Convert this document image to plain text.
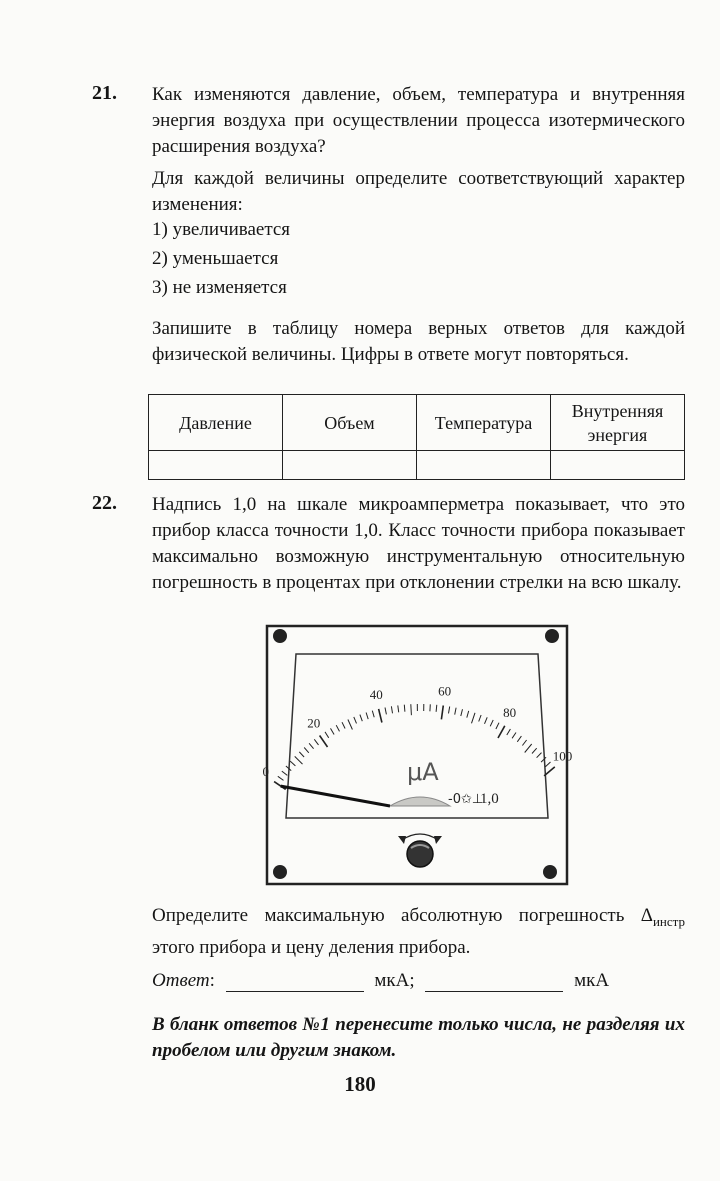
21. Как изменяются давление, объем, температура и внутренняя энергия воздуха при осуществлении процесса изотермического расширения воздуха?

Для каждой величины определите соответствующий характер изменения:

1) увеличивается
2) уменьшается
3) не изменяется
Запишите в таблицу номера верных ответов для каждой физической величины. Цифры в ответе могут повторяться.
Давление	Объем	Температура	Внутренняя энергия

22. Надпись 1,0 на шкале микроамперметра показывает, что это прибор класса точности 1,0. Класс точности прибора показывает максимально возможную инструментальную относительную погрешность в процентах при отклонении стрелки на всю шкалу.
0
20
40	60
80
100
μA
-0✩⊥
1,0
Определите максимальную абсолютную погрешность $\Delta_{инстр}$ этого прибора и цену деления прибора.
Ответ:	мкА;	мкА
В бланк ответов №1 перенесите только числа, не разделяя их пробелом или другим знаком.
180
